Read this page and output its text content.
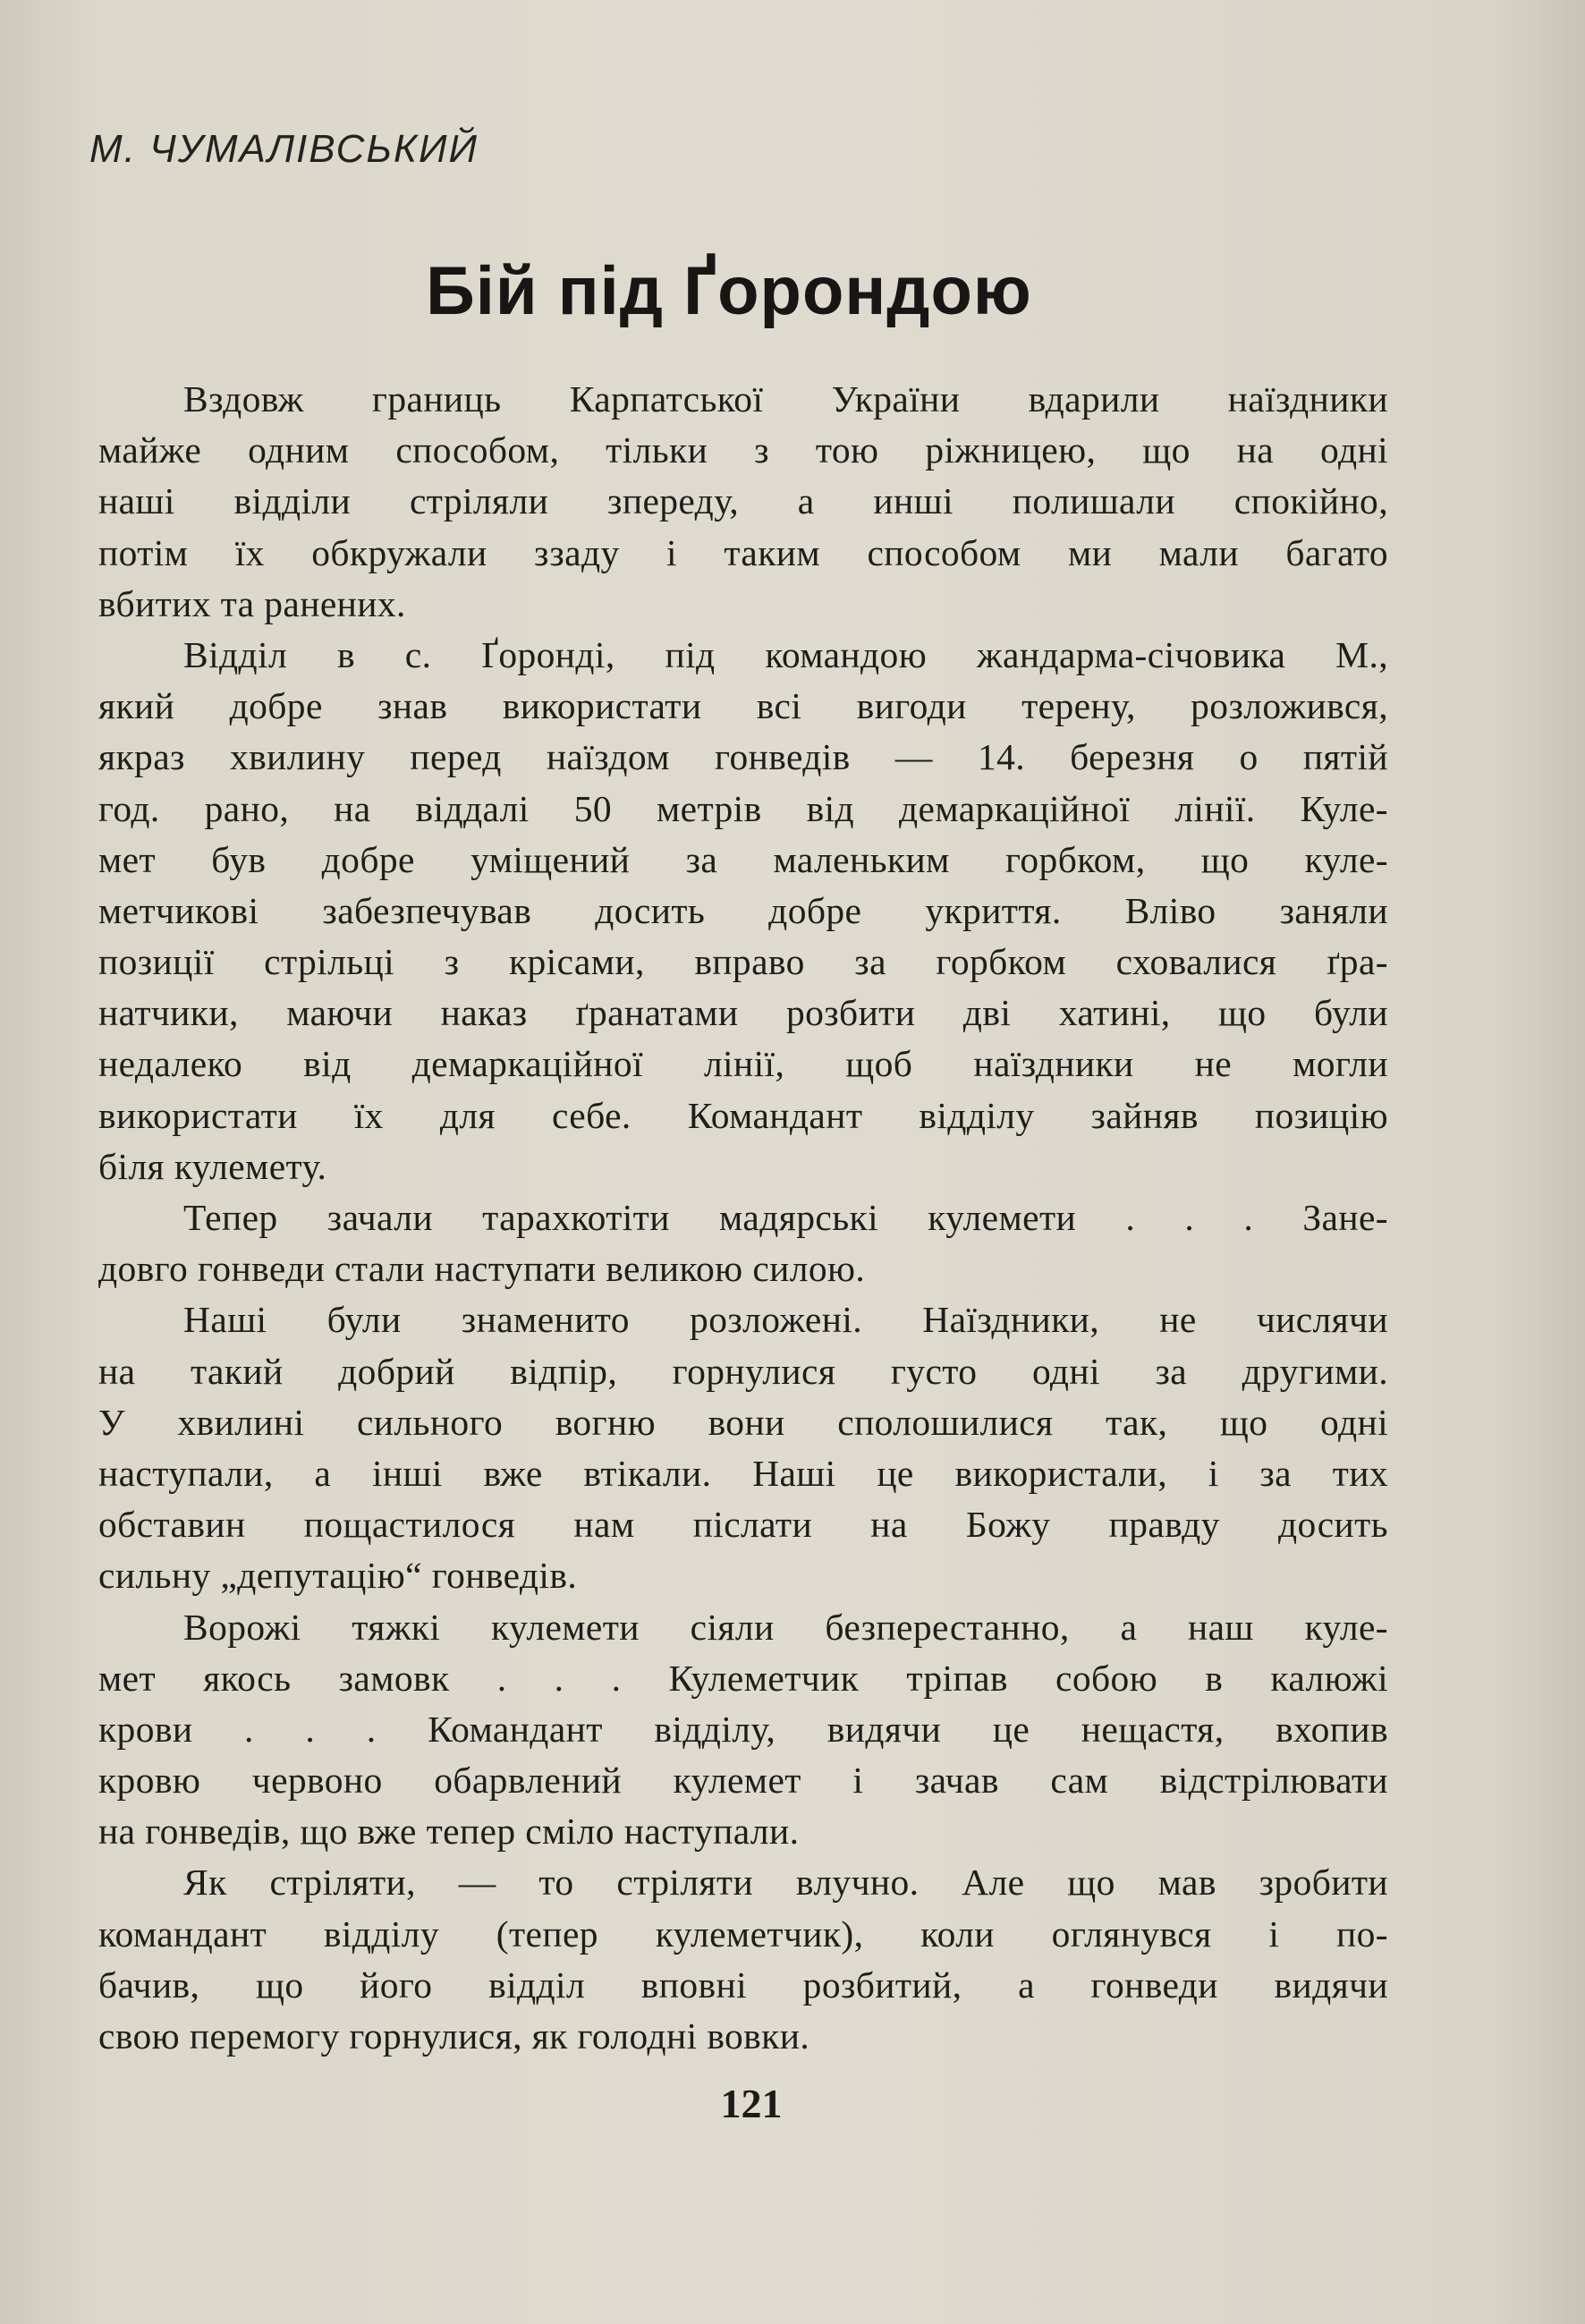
М. ЧУМАЛІВСЬКИЙ
Бій під Ґорондою

Вздовж границь Карпатської України вдарили наїздники
майже одним способом, тільки з тою ріжницею, що на одні
наші відділи стріляли зпереду, а инші полишали спокійно,
потім їх обкружали ззаду і таким способом ми мали багато
вбитих та ранених.

Відділ в с. Ґоронді, під командою жандарма-січовика М.,
який добре знав використати всі вигоди терену, розложився,
якраз хвилину перед наїздом гонведів — 14. березня о пятій
год. рано, на віддалі 50 метрів від демаркаційної лінії. Куле-
мет був добре уміщений за маленьким горбком, що куле-
метчикові забезпечував досить добре укриття. Вліво заняли
позиції стрільці з крісами, вправо за горбком сховалися ґра-
натчики, маючи наказ ґранатами розбити дві хатині, що були
недалеко від демаркаційної лінії, щоб наїздники не могли
використати їх для себе. Командант відділу зайняв позицію
біля кулемету.

Тепер зачали тарахкотіти мадярські кулемети . . . Зане-
довго гонведи стали наступати великою силою.

Наші були знаменито розложені. Наїздники, не числячи
на такий добрий відпір, горнулися густо одні за другими.
У хвилині сильного вогню вони сполошилися так, що одні
наступали, а інші вже втікали. Наші це використали, і за тих
обставин пощастилося нам післати на Божу правду досить
сильну „депутацію“ гонведів.

Ворожі тяжкі кулемети сіяли безперестанно, а наш куле-
мет якось замовк . . . Кулеметчик тріпав собою в калюжі
крови . . . Командант відділу, видячи це нещастя, вхопив
кровю червоно обарвлений кулемет і зачав сам відстрілювати
на гонведів, що вже тепер сміло наступали.

Як стріляти, — то стріляти влучно. Але що мав зробити
командант відділу (тепер кулеметчик), коли оглянувся і по-
бачив, що його відділ вповні розбитий, а гонведи видячи
свою перемогу горнулися, як голодні вовки.

121
